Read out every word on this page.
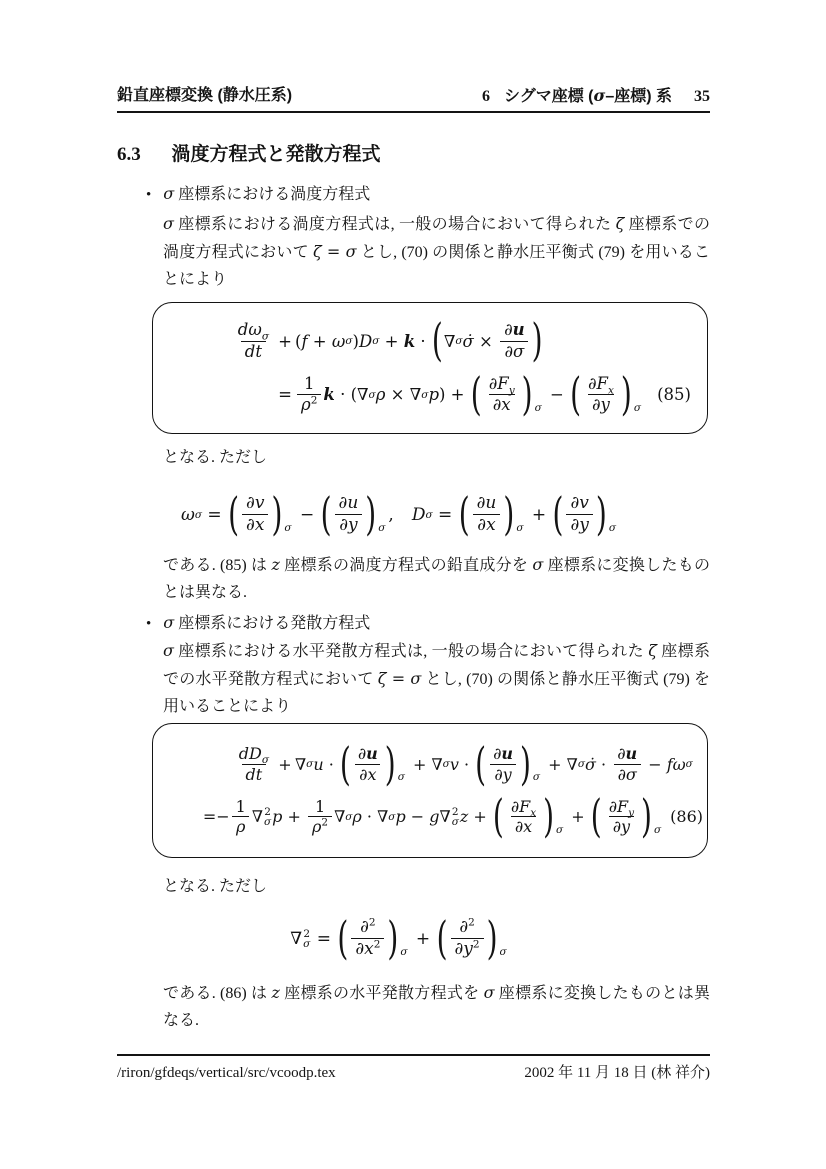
鉛直座標変換 (静水圧系)	6 シグマ座標 (σ–座標) 系 35
6.3 渦度方程式と発散方程式

• σ 座標系における渦度方程式

σ 座標系における渦度方程式は, 一般の場合において得られた ζ 座標系での渦度方程式において ζ = σ とし, (70) の関係と静水圧平衡式 (79) を用いることにより

$\frac{d\omega_\sigma}{dt}$ + ( f + ω σ ) D σ + k · ( ∇ σ σ̇ × $\frac{\partial u}{\partial\sigma}$ )
= $\frac{1}{\rho^2}$ k · ( ∇ σ ρ × ∇ σ p ) + ( $\frac{\partial F_y}{\partial x} )_\sigma$
− ( $\frac{\partial F_x}{\partial y} )_\sigma$
(85)

となる. ただし

ω σ = ( $\frac{\partial v}{\partial x} )_\sigma$
− ( $\frac{\partial u}{\partial y} )_\sigma$
, D σ = ( $\frac{\partial u}{\partial x} )_\sigma$
+ ( $\frac{\partial v}{\partial y} )_\sigma$

である. (85) は z 座標系の渦度方程式の鉛直成分を σ 座標系に変換したものとは異なる.

• σ 座標系における発散方程式

σ 座標系における水平発散方程式は, 一般の場合において得られた ζ 座標系での水平発散方程式において ζ = σ とし, (70) の関係と静水圧平衡式 (79) を用いることにより

$\frac{dD_\sigma}{dt}$ + ∇ σ u · ( $\frac{\partial u}{\partial x} )_\sigma$
+ ∇ σ v · ( $\frac{\partial u}{\partial y} )_\sigma$
+ ∇ σ σ̇ · $\frac{\partial u}{\partial\sigma} - f$ ω σ
= − $\frac{1}{\rho}$ ∇ 2
σ $p + \frac{1}{\rho^2}$ ∇ σ ρ · ∇ σ p − g ∇ 2
σ z + ( $\frac{\partial F_x}{\partial x} )_\sigma$
+ ( $\frac{\partial F_y}{\partial y} )_\sigma$
(86)

となる. ただし

∇ 2
σ = ( $\frac{\partial^2}{\partial x^2} )_\sigma$
+ ( $\frac{\partial^2}{\partial y^2} )_\sigma$

である. (86) は z 座標系の水平発散方程式を σ 座標系に変換したものとは異なる.

/riron/gfdeqs/vertical/src/vcoodp.tex	2002 年 11 月 18 日 (林 祥介)
